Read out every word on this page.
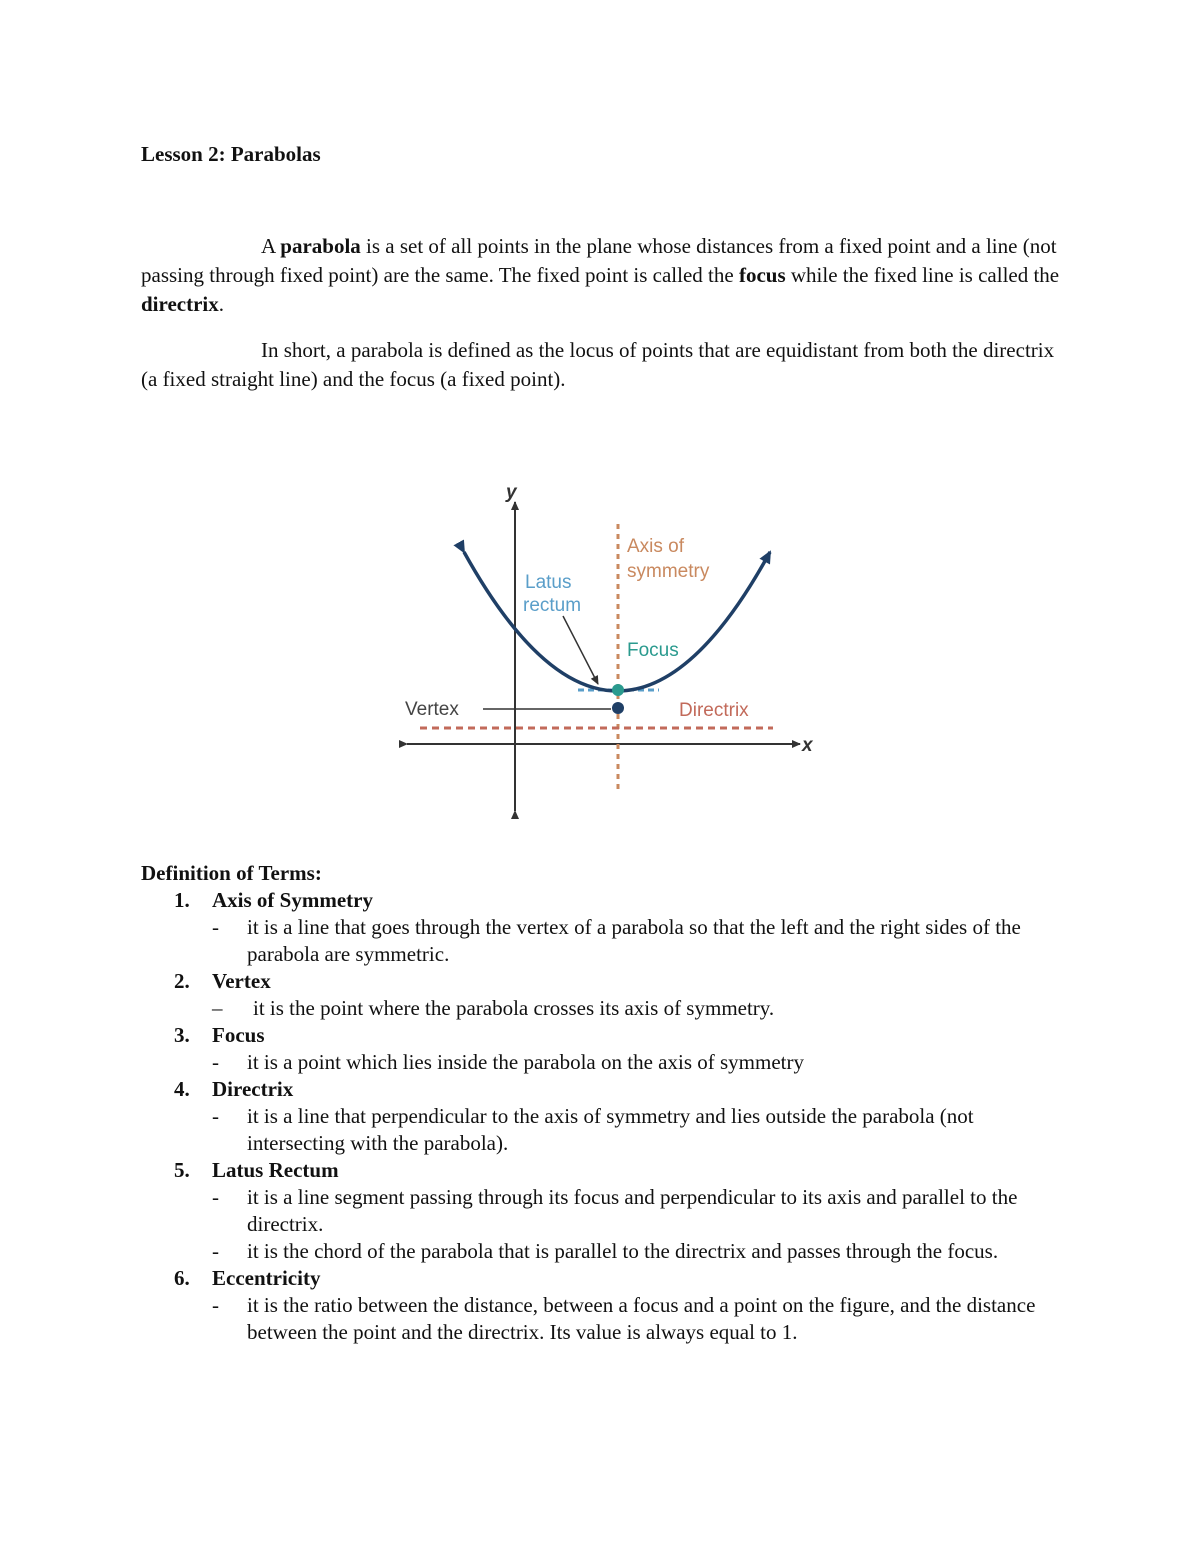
Lesson 2: Parabolas

A parabola is a set of all points in the plane whose distances from a fixed point and a line (not passing through fixed point) are the same. The fixed point is called the focus while the fixed line is called the directrix.

In short, a parabola is defined as the locus of points that are equidistant from both the directrix (a fixed straight line) and the focus (a fixed point).

y
x
Axis of
symmetry
Directrix
Latus
rectum
Focus
Vertex

Definition of Terms:

1. Axis of Symmetry
- it is a line that goes through the vertex of a parabola so that the left and the right sides of the parabola are symmetric.
2. Vertex
– it is the point where the parabola crosses its axis of symmetry.
3. Focus
- it is a point which lies inside the parabola on the axis of symmetry
4. Directrix
- it is a line that perpendicular to the axis of symmetry and lies outside the parabola (not intersecting with the parabola).
5. Latus Rectum
- it is a line segment passing through its focus and perpendicular to its axis and parallel to the directrix.
- it is the chord of the parabola that is parallel to the directrix and passes through the focus.
6. Eccentricity
- it is the ratio between the distance, between a focus and a point on the figure, and the distance between the point and the directrix. Its value is always equal to 1.
